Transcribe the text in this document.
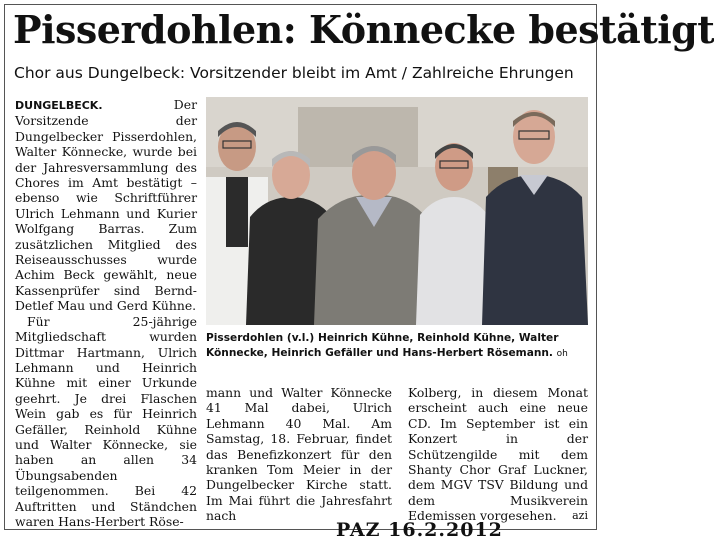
Pisserdohlen: Könnecke bestätigt
Chor aus Dungelbeck: Vorsitzender bleibt im Amt / Zahlreiche Ehrungen

DUNGELBECK. Der Vorsitzende der Dungelbecker Pisserdohlen, Walter Könnecke, wurde bei der Jahresversammlung des Chores im Amt bestätigt – ebenso wie Schriftführer Ulrich Lehmann und Kurier Wolfgang Barras. Zum zusätzlichen Mitglied des Reiseausschusses wurde Achim Beck gewählt, neue Kassenprüfer sind Bernd-Detlef Mau und Gerd Kühne.

Für 25-jährige Mitgliedschaft wurden Dittmar Hartmann, Ulrich Lehmann und Heinrich Kühne mit einer Urkunde geehrt. Je drei Flaschen Wein gab es für Heinrich Gefäller, Reinhold Kühne und Walter Könnecke, sie haben an allen 34 Übungsabenden teilgenommen. Bei 42 Auftritten und Ständchen waren Hans-Herbert Röse-

Pisserdohlen (v.l.) Heinrich Kühne, Reinhold Kühne, Walter Könnecke, Heinrich Gefäller und Hans-Herbert Rösemann. oh

mann und Walter Könnecke 41 Mal dabei, Ulrich Lehmann 40 Mal. Am Samstag, 18. Februar, findet das Benefizkonzert für den kranken Tom Meier in der Dungelbecker Kirche statt. Im Mai führt die Jahresfahrt nach

Kolberg, in diesem Monat erscheint auch eine neue CD. Im September ist ein Konzert in der Schützengilde mit dem Shanty Chor Graf Luckner, dem MGV TSV Bildung und dem Musikverein Edemissen vorgesehen. azi

PAZ 16.2.2012
